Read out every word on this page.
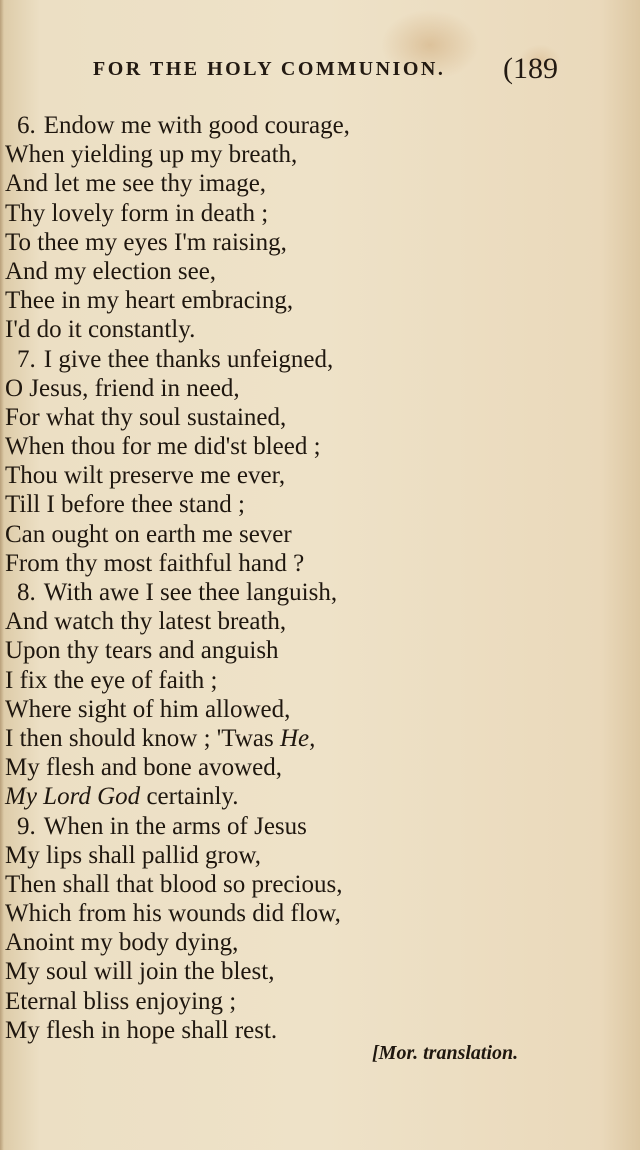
FOR THE HOLY COMMUNION. (189
6. Endow me with good courage,
When yielding up my breath,
And let me see thy image,
Thy lovely form in death ;
To thee my eyes I'm raising,
And my election see,
Thee in my heart embracing,
I'd do it constantly.
7. I give thee thanks unfeigned,
O Jesus, friend in need,
For what thy soul sustained,
When thou for me did'st bleed ;
Thou wilt preserve me ever,
Till I before thee stand ;
Can ought on earth me sever
From thy most faithful hand ?
8. With awe I see thee languish,
And watch thy latest breath,
Upon thy tears and anguish
I fix the eye of faith ;
Where sight of him allowed,
I then should know ; 'Twas He,
My flesh and bone avowed,
My Lord God certainly.
9. When in the arms of Jesus
My lips shall pallid grow,
Then shall that blood so precious,
Which from his wounds did flow,
Anoint my body dying,
My soul will join the blest,
Eternal bliss enjoying ;
My flesh in hope shall rest.
[Mor. translation.
